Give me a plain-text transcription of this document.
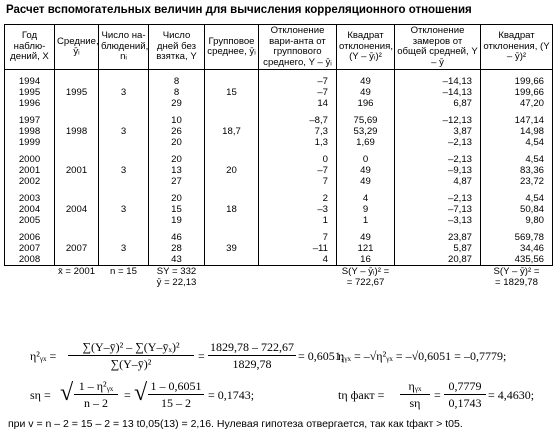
Расчет вспомогательных величин для вычисления корреляционного отношения
Год наблю-дений, X	Средние, ȳᵢ	Число на-блюдений, nᵢ	Число дней без взятка, Y	Групповое среднее, ȳᵢ	Отклонение вари-анта от группового среднего, Y – ȳᵢ	Квадрат отклонения, (Y – ȳᵢ)²	Отклонение замеров от общей средней, Y – ȳ	Квадрат отклонения, (Y – ȳ)²

1994			8		–7	49	–14,13	199,66
1995	1995	3	8	15	–7	49	–14,13	199,66
1996			29		14	196	6,87	47,20

1997			10		–8,7	75,69	–12,13	147,14
1998	1998	3	26	18,7	7,3	53,29	3,87	14,98
1999			20		1,3	1,69	–2,13	4,54

2000			20		0	0	–2,13	4,54
2001	2001	3	13	20	–7	49	–9,13	83,36
2002			27		7	49	4,87	23,72

2003			20		2	4	–2,13	4,54
2004	2004	3	15	18	–3	9	–7,13	50,84
2005			19		1	1	–3,13	9,80

2006			46		7	49	23,87	569,78
2007	2007	3	28	39	–11	121	5,87	34,46
2008			43		4	16	20,87	435,56
	x̄ = 2001	n = 15	SY = 332			S(Y – ȳᵢ)² =		S(Y – ȳ)² =
			ȳ = 22,13			= 722,67		= 1829,78
η²ᵧₓ =
∑(Y–ȳ)² – ∑(Y–ȳₓ)²
∑(Y–ȳ)²
=
1829,78 – 722,67
1829,78
= 0,6051;
ηᵧₓ = –√η²ᵧₓ = –√0,6051 = –0,7779;
sη = √ 1 – η²ᵧₓ
n – 2
= √ 1 – 0,6051
15 – 2
= 0,1743;	tη факт =
ηᵧₓ
sη
=
0,7779
0,1743
= 4,4630;
при v = n – 2 = 15 – 2 = 13 t0,05(13) = 2,16. Нулевая гипотеза отвергается, так как tфакт > t05.
